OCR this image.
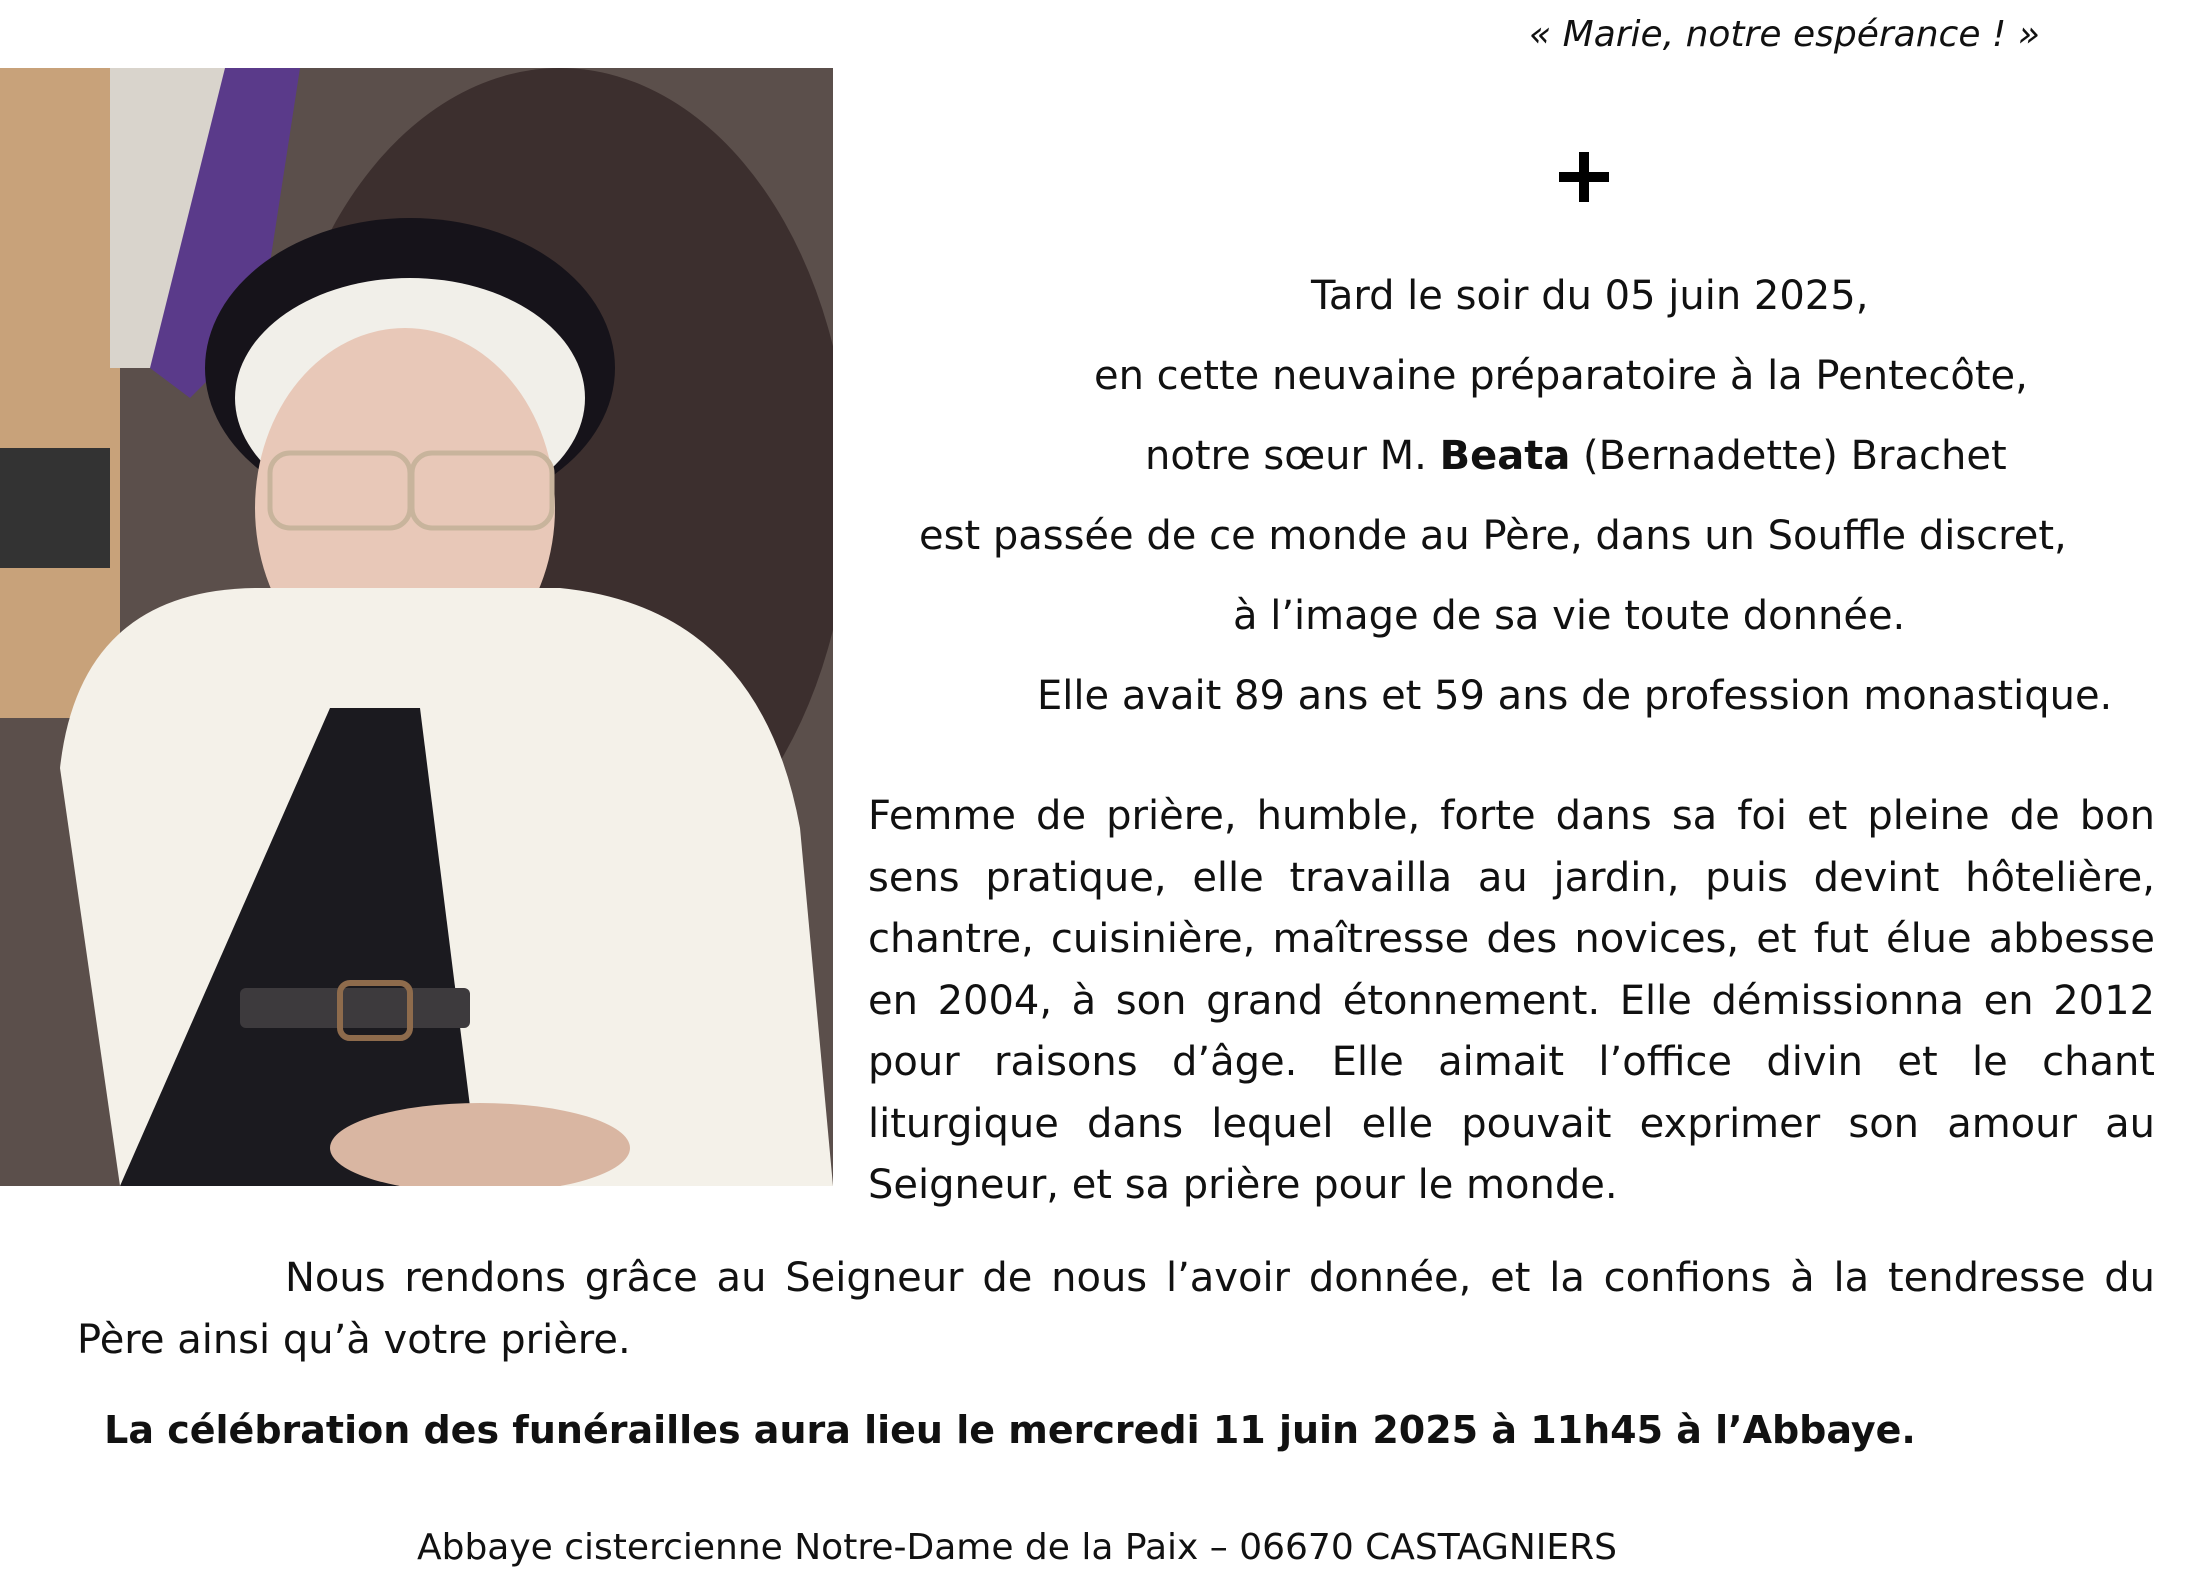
« Marie, notre espérance ! »
Tard le soir du 05 juin 2025,
en cette neuvaine préparatoire à la Pentecôte,
notre sœur M. Beata (Bernadette) Brachet
est passée de ce monde au Père, dans un Souffle discret,
à l’image de sa vie toute donnée.
Elle avait 89 ans et 59 ans de profession monastique.
Femme de prière, humble, forte dans sa foi et pleine de bon sens pratique, elle travailla au jardin, puis devint hôtelière, chantre, cuisinière, maîtresse des novices, et fut élue abbesse en 2004, à son grand étonnement. Elle démissionna en 2012 pour raisons d’âge. Elle aimait l’office divin et le chant liturgique dans lequel elle pouvait exprimer son amour au Seigneur, et sa prière pour le monde.
Nous rendons grâce au Seigneur de nous l’avoir donnée, et la confions à la tendresse du Père ainsi qu’à votre prière.
La célébration des funérailles aura lieu le mercredi 11 juin 2025 à 11h45 à l’Abbaye.
Abbaye cistercienne Notre-Dame de la Paix – 06670 CASTAGNIERS
